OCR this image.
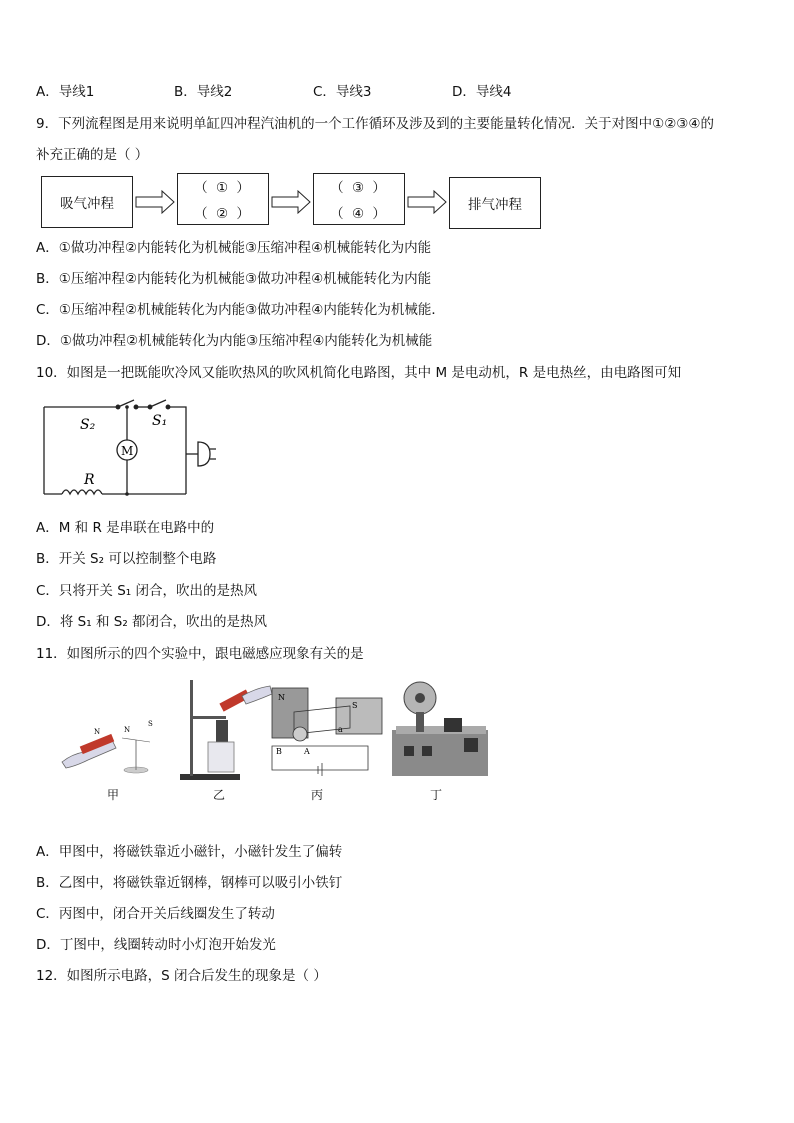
A．导线1	B．导线2	C．导线3	D．导线4
9．下列流程图是用来说明单缸四冲程汽油机的一个工作循环及涉及到的主要能量转化情况．关于对图中①②③④的
补充正确的是（ ）
吸气冲程
（ ① ）
（ ② ）
（ ③ ）
（ ④ ）
排气冲程
A．①做功冲程②内能转化为机械能③压缩冲程④机械能转化为内能
B．①压缩冲程②内能转化为机械能③做功冲程④机械能转化为内能
C．①压缩冲程②机械能转化为内能③做功冲程④内能转化为机械能．
D．①做功冲程②机械能转化为内能③压缩冲程④内能转化为机械能
10．如图是一把既能吹冷风又能吹热风的吹风机简化电路图，其中 M 是电动机，R 是电热丝，由电路图可知
S₂	S₁
M
R
A．M 和 R 是串联在电路中的
B．开关 S₂ 可以控制整个电路
C．只将开关 S₁ 闭合，吹出的是热风
D．将 S₁ 和 S₂ 都闭合，吹出的是热风
11．如图所示的四个实验中，跟电磁感应现象有关的是
N	N
S
N
S
B	A
a
甲	乙	丙	丁
A．甲图中，将磁铁靠近小磁针，小磁针发生了偏转
B．乙图中，将磁铁靠近钢棒，钢棒可以吸引小铁钉
C．丙图中，闭合开关后线圈发生了转动
D．丁图中，线圈转动时小灯泡开始发光
12．如图所示电路，S 闭合后发生的现象是（ ）
